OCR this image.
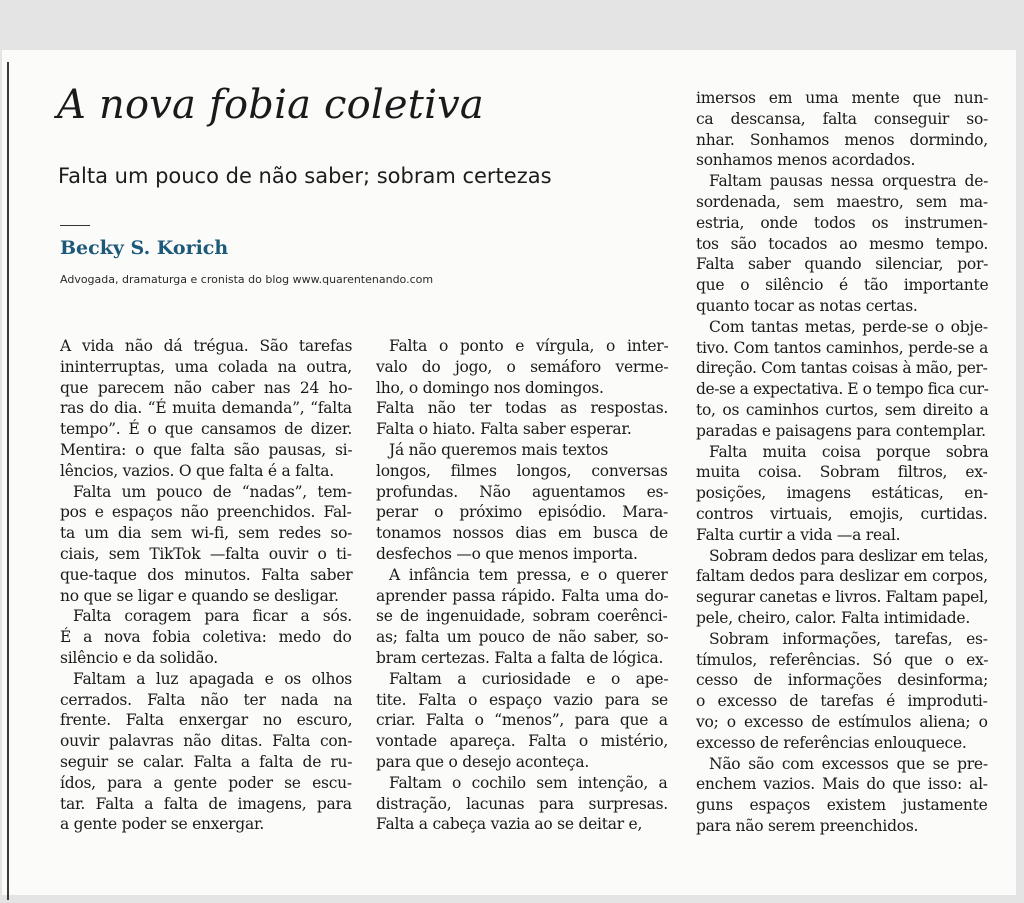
A nova fobia coletiva
Falta um pouco de não saber; sobram certezas
Becky S. Korich
Advogada, dramaturga e cronista do blog www.quarentenando.com
A vida não dá trégua. São tarefas
ininterruptas, uma colada na outra,
que parecem não caber nas 24 ho-
ras do dia. “É muita demanda”, “falta
tempo”. É o que cansamos de dizer.
Mentira: o que falta são pausas, si-
lêncios, vazios. O que falta é a falta.
Falta um pouco de “nadas”, tem-
pos e espaços não preenchidos. Fal-
ta um dia sem wi-fi, sem redes so-
ciais, sem TikTok —falta ouvir o ti-
que-taque dos minutos. Falta saber
no que se ligar e quando se desligar.
Falta coragem para ficar a sós.
É a nova fobia coletiva: medo do
silêncio e da solidão.
Faltam a luz apagada e os olhos
cerrados. Falta não ter nada na
frente. Falta enxergar no escuro,
ouvir palavras não ditas. Falta con-
seguir se calar. Falta a falta de ru-
ídos, para a gente poder se escu-
tar. Falta a falta de imagens, para
a gente poder se enxergar.
Falta o ponto e vírgula, o inter-
valo do jogo, o semáforo verme-
lho, o domingo nos domingos.
Falta não ter todas as respostas.
Falta o hiato. Falta saber esperar.
Já não queremos mais textos
longos, filmes longos, conversas
profundas. Não aguentamos es-
perar o próximo episódio. Mara-
tonamos nossos dias em busca de
desfechos —o que menos importa.
A infância tem pressa, e o querer
aprender passa rápido. Falta uma do-
se de ingenuidade, sobram coerênci-
as; falta um pouco de não saber, so-
bram certezas. Falta a falta de lógica.
Faltam a curiosidade e o ape-
tite. Falta o espaço vazio para se
criar. Falta o “menos”, para que a
vontade apareça. Falta o mistério,
para que o desejo aconteça.
Faltam o cochilo sem intenção, a
distração, lacunas para surpresas.
Falta a cabeça vazia ao se deitar e,
imersos em uma mente que nun-
ca descansa, falta conseguir so-
nhar. Sonhamos menos dormindo,
sonhamos menos acordados.
Faltam pausas nessa orquestra de-
sordenada, sem maestro, sem ma-
estria, onde todos os instrumen-
tos são tocados ao mesmo tempo.
Falta saber quando silenciar, por-
que o silêncio é tão importante
quanto tocar as notas certas.
Com tantas metas, perde-se o obje-
tivo. Com tantos caminhos, perde-se a
direção. Com tantas coisas à mão, per-
de-se a expectativa. E o tempo fica cur-
to, os caminhos curtos, sem direito a
paradas e paisagens para contemplar.
Falta muita coisa porque sobra
muita coisa. Sobram filtros, ex-
posições, imagens estáticas, en-
contros virtuais, emojis, curtidas.
Falta curtir a vida —a real.
Sobram dedos para deslizar em telas,
faltam dedos para deslizar em corpos,
segurar canetas e livros. Faltam papel,
pele, cheiro, calor. Falta intimidade.
Sobram informações, tarefas, es-
tímulos, referências. Só que o ex-
cesso de informações desinforma;
o excesso de tarefas é improduti-
vo; o excesso de estímulos aliena; o
excesso de referências enlouquece.
Não são com excessos que se pre-
enchem vazios. Mais do que isso: al-
guns espaços existem justamente
para não serem preenchidos.
